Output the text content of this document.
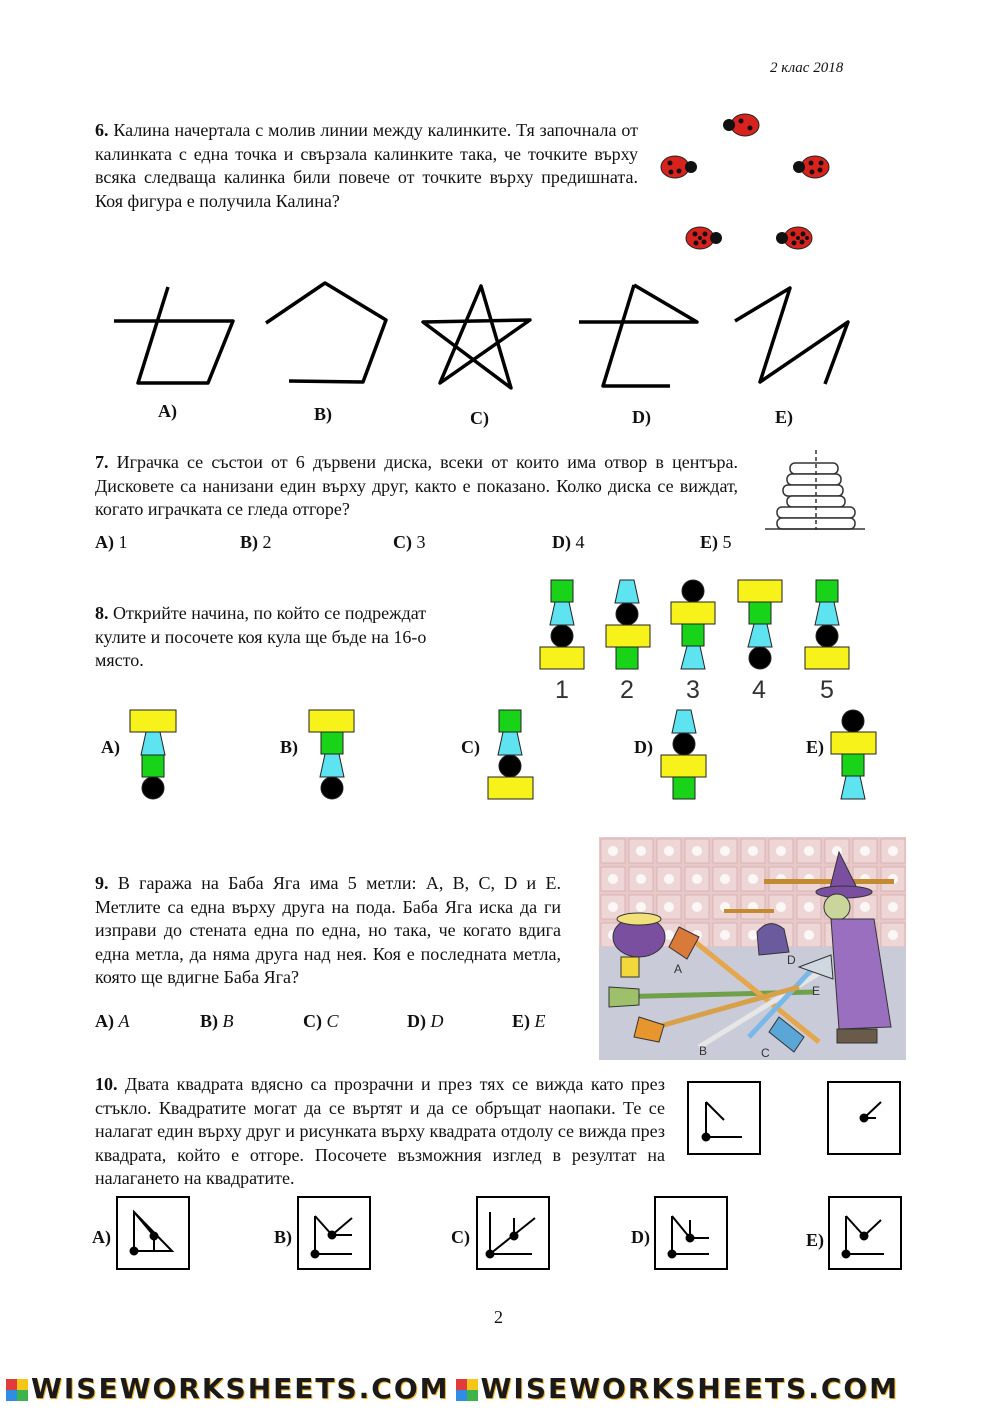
2 клас 2018
6. Калина начертала с молив линии между калинките. Тя започнала от калинката с една точка и свързала калинките така, че точките върху всяка следваща калинка били повече от точките върху предишната. Коя фигура е получила Калина?
A)	B)	C)	D)	E)
7. Играчка се състои от 6 дървени диска, всеки от които има отвор в центъра. Дисковете са нанизани един върху друг, както е показано. Колко диска се виждат, когато играчката се гледа отгоре?
A) 1	B) 2	C) 3	D) 4	E) 5
8. Открийте начина, по който се подреждат кулите и посочете коя кула ще бъде на 16-о място.
1 2 3 4 5
A)	B)	C)	D)	E)
9. В гаража на Баба Яга има 5 метли: A, B, C, D и E. Метлите са една върху друга на пода. Баба Яга иска да ги изправи до стената една по една, но така, че когато вдига една метла, да няма друга над нея. Коя е последната метла, която ще вдигне Баба Яга?
A) A	B) B	C) C	D) D	E) E
A
B	C
D
E
10. Двата квадрата вдясно са прозрачни и през тях се вижда като през стъкло. Квадратите могат да се въртят и да се обръщат наопаки. Те се налагат един върху друг и рисунката върху квадрата отдолу се вижда през квадрата, който е отгоре. Посочете възможния изглед в резултат на налагането на квадратите.
A)	B)	C)	D)	E)
2
WISEWORKSHEETS.COM WISEWORKSHEETS.COM
